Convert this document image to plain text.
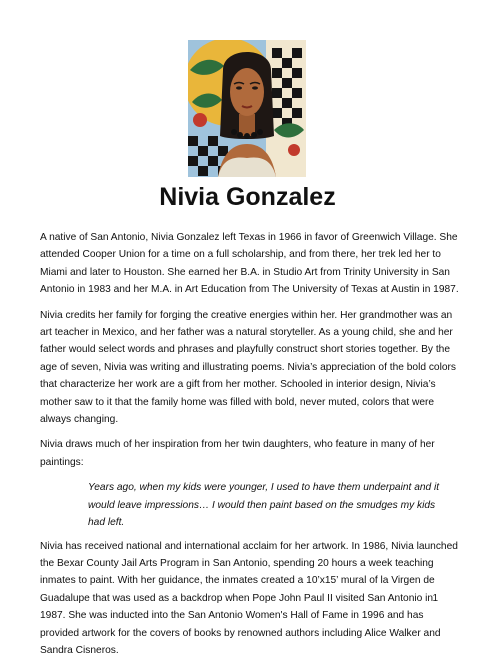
Nivia Gonzalez

A native of San Antonio, Nivia Gonzalez left Texas in 1966 in favor of Greenwich Village. She attended Cooper Union for a time on a full scholarship, and from there, her trek led her to Miami and later to Houston. She earned her B.A. in Studio Art from Trinity University in San Antonio in 1983 and her M.A. in Art Education from The University of Texas at Austin in 1987.

Nivia credits her family for forging the creative energies within her. Her grandmother was an art teacher in Mexico, and her father was a natural storyteller. As a young child, she and her father would select words and phrases and playfully construct short stories together. By the age of seven, Nivia was writing and illustrating poems. Nivia’s appreciation of the bold colors that characterize her work are a gift from her mother. Schooled in interior design, Nivia’s mother saw to it that the family home was filled with bold, never muted, colors that were always changing.

Nivia draws much of her inspiration from her twin daughters, who feature in many of her paintings:

Years ago, when my kids were younger, I used to have them underpaint and it would leave impressions… I would then paint based on the smudges my kids had left.

Nivia has received national and international acclaim for her artwork. In 1986, Nivia launched the Bexar County Jail Arts Program in San Antonio, spending 20 hours a week teaching inmates to paint. With her guidance, the inmates created a 10’x15’ mural of la Virgen de Guadalupe that was used as a backdrop when Pope John Paul II visited San Antonio in 1987. She was inducted into the San Antonio Women's Hall of Fame in 1996 and has provided artwork for the covers of books by renowned authors including Alice Walker and Sandra Cisneros.

1
